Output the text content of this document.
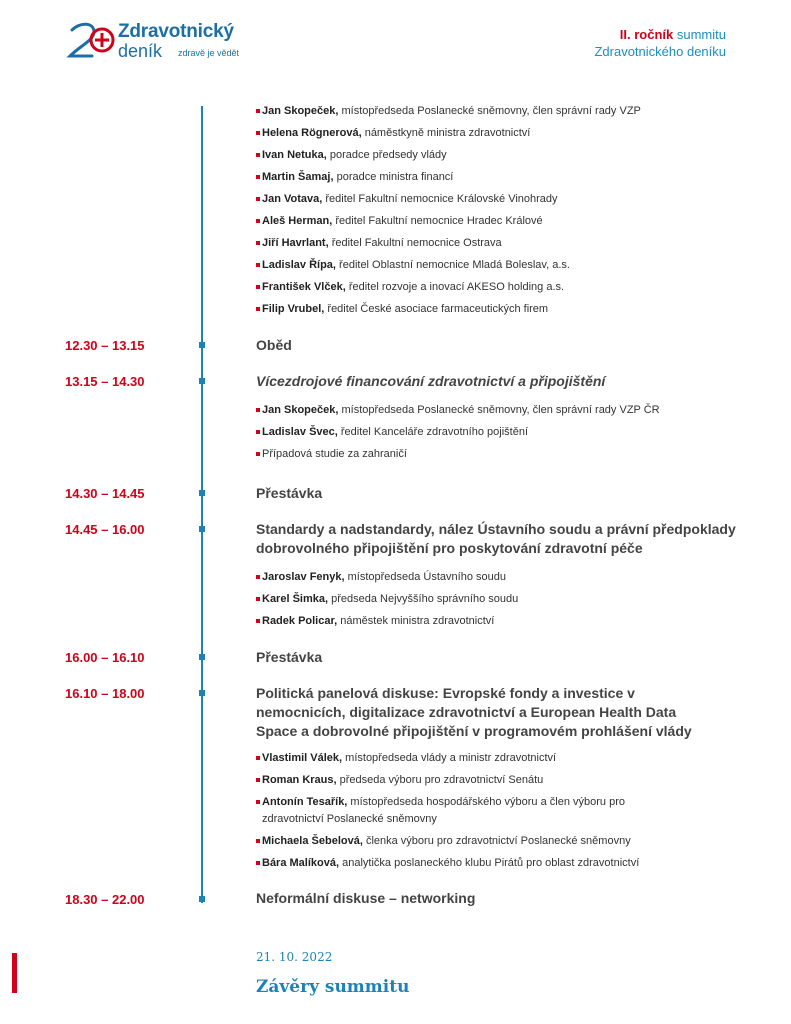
Zdravotnický
deník zdravě je vědět
II. ročník summitu
Zdravotnického deníku
Jan Skopeček, místopředseda Poslanecké sněmovny, člen správní rady VZP
Helena Rögnerová, náměstkyně ministra zdravotnictví
Ivan Netuka, poradce předsedy vlády
Martin Šamaj, poradce ministra financí
Jan Votava, ředitel Fakultní nemocnice Královské Vinohrady
Aleš Herman, ředitel Fakultní nemocnice Hradec Králové
Jiří Havrlant, ředitel Fakultní nemocnice Ostrava
Ladislav Řípa, ředitel Oblastní nemocnice Mladá Boleslav, a.s.
František Vlček, ředitel rozvoje a inovací AKESO holding a.s.
Filip Vrubel, ředitel České asociace farmaceutických firem
12.30 – 13.15	Oběd
13.15 – 14.30	Vícezdrojové financování zdravotnictví a připojištění
Jan Skopeček, místopředseda Poslanecké sněmovny, člen správní rady VZP ČR
Ladislav Švec, ředitel Kanceláře zdravotního pojištění
Případová studie za zahraničí
14.30 – 14.45	Přestávka
14.45 – 16.00	Standardy a nadstandardy, nález Ústavního soudu a právní předpoklady
dobrovolného připojištění pro poskytování zdravotní péče
Jaroslav Fenyk, místopředseda Ústavního soudu
Karel Šimka, předseda Nejvyššího správního soudu
Radek Policar, náměstek ministra zdravotnictví
16.00 – 16.10	Přestávka
16.10 – 18.00	Politická panelová diskuse: Evropské fondy a investice v
nemocnicích, digitalizace zdravotnictví a European Health Data
Space a dobrovolné připojištění v programovém prohlášení vlády
Vlastimil Válek, místopředseda vlády a ministr zdravotnictví
Roman Kraus, předseda výboru pro zdravotnictví Senátu
Antonín Tesařík, místopředseda hospodářského výboru a člen výboru pro
zdravotnictví Poslanecké sněmovny
Michaela Šebelová, členka výboru pro zdravotnictví Poslanecké sněmovny
Bára Malíková, analytička poslaneckého klubu Pirátů pro oblast zdravotnictví
18.30 – 22.00	Neformální diskuse – networking
21. 10. 2022
Závěry summitu
